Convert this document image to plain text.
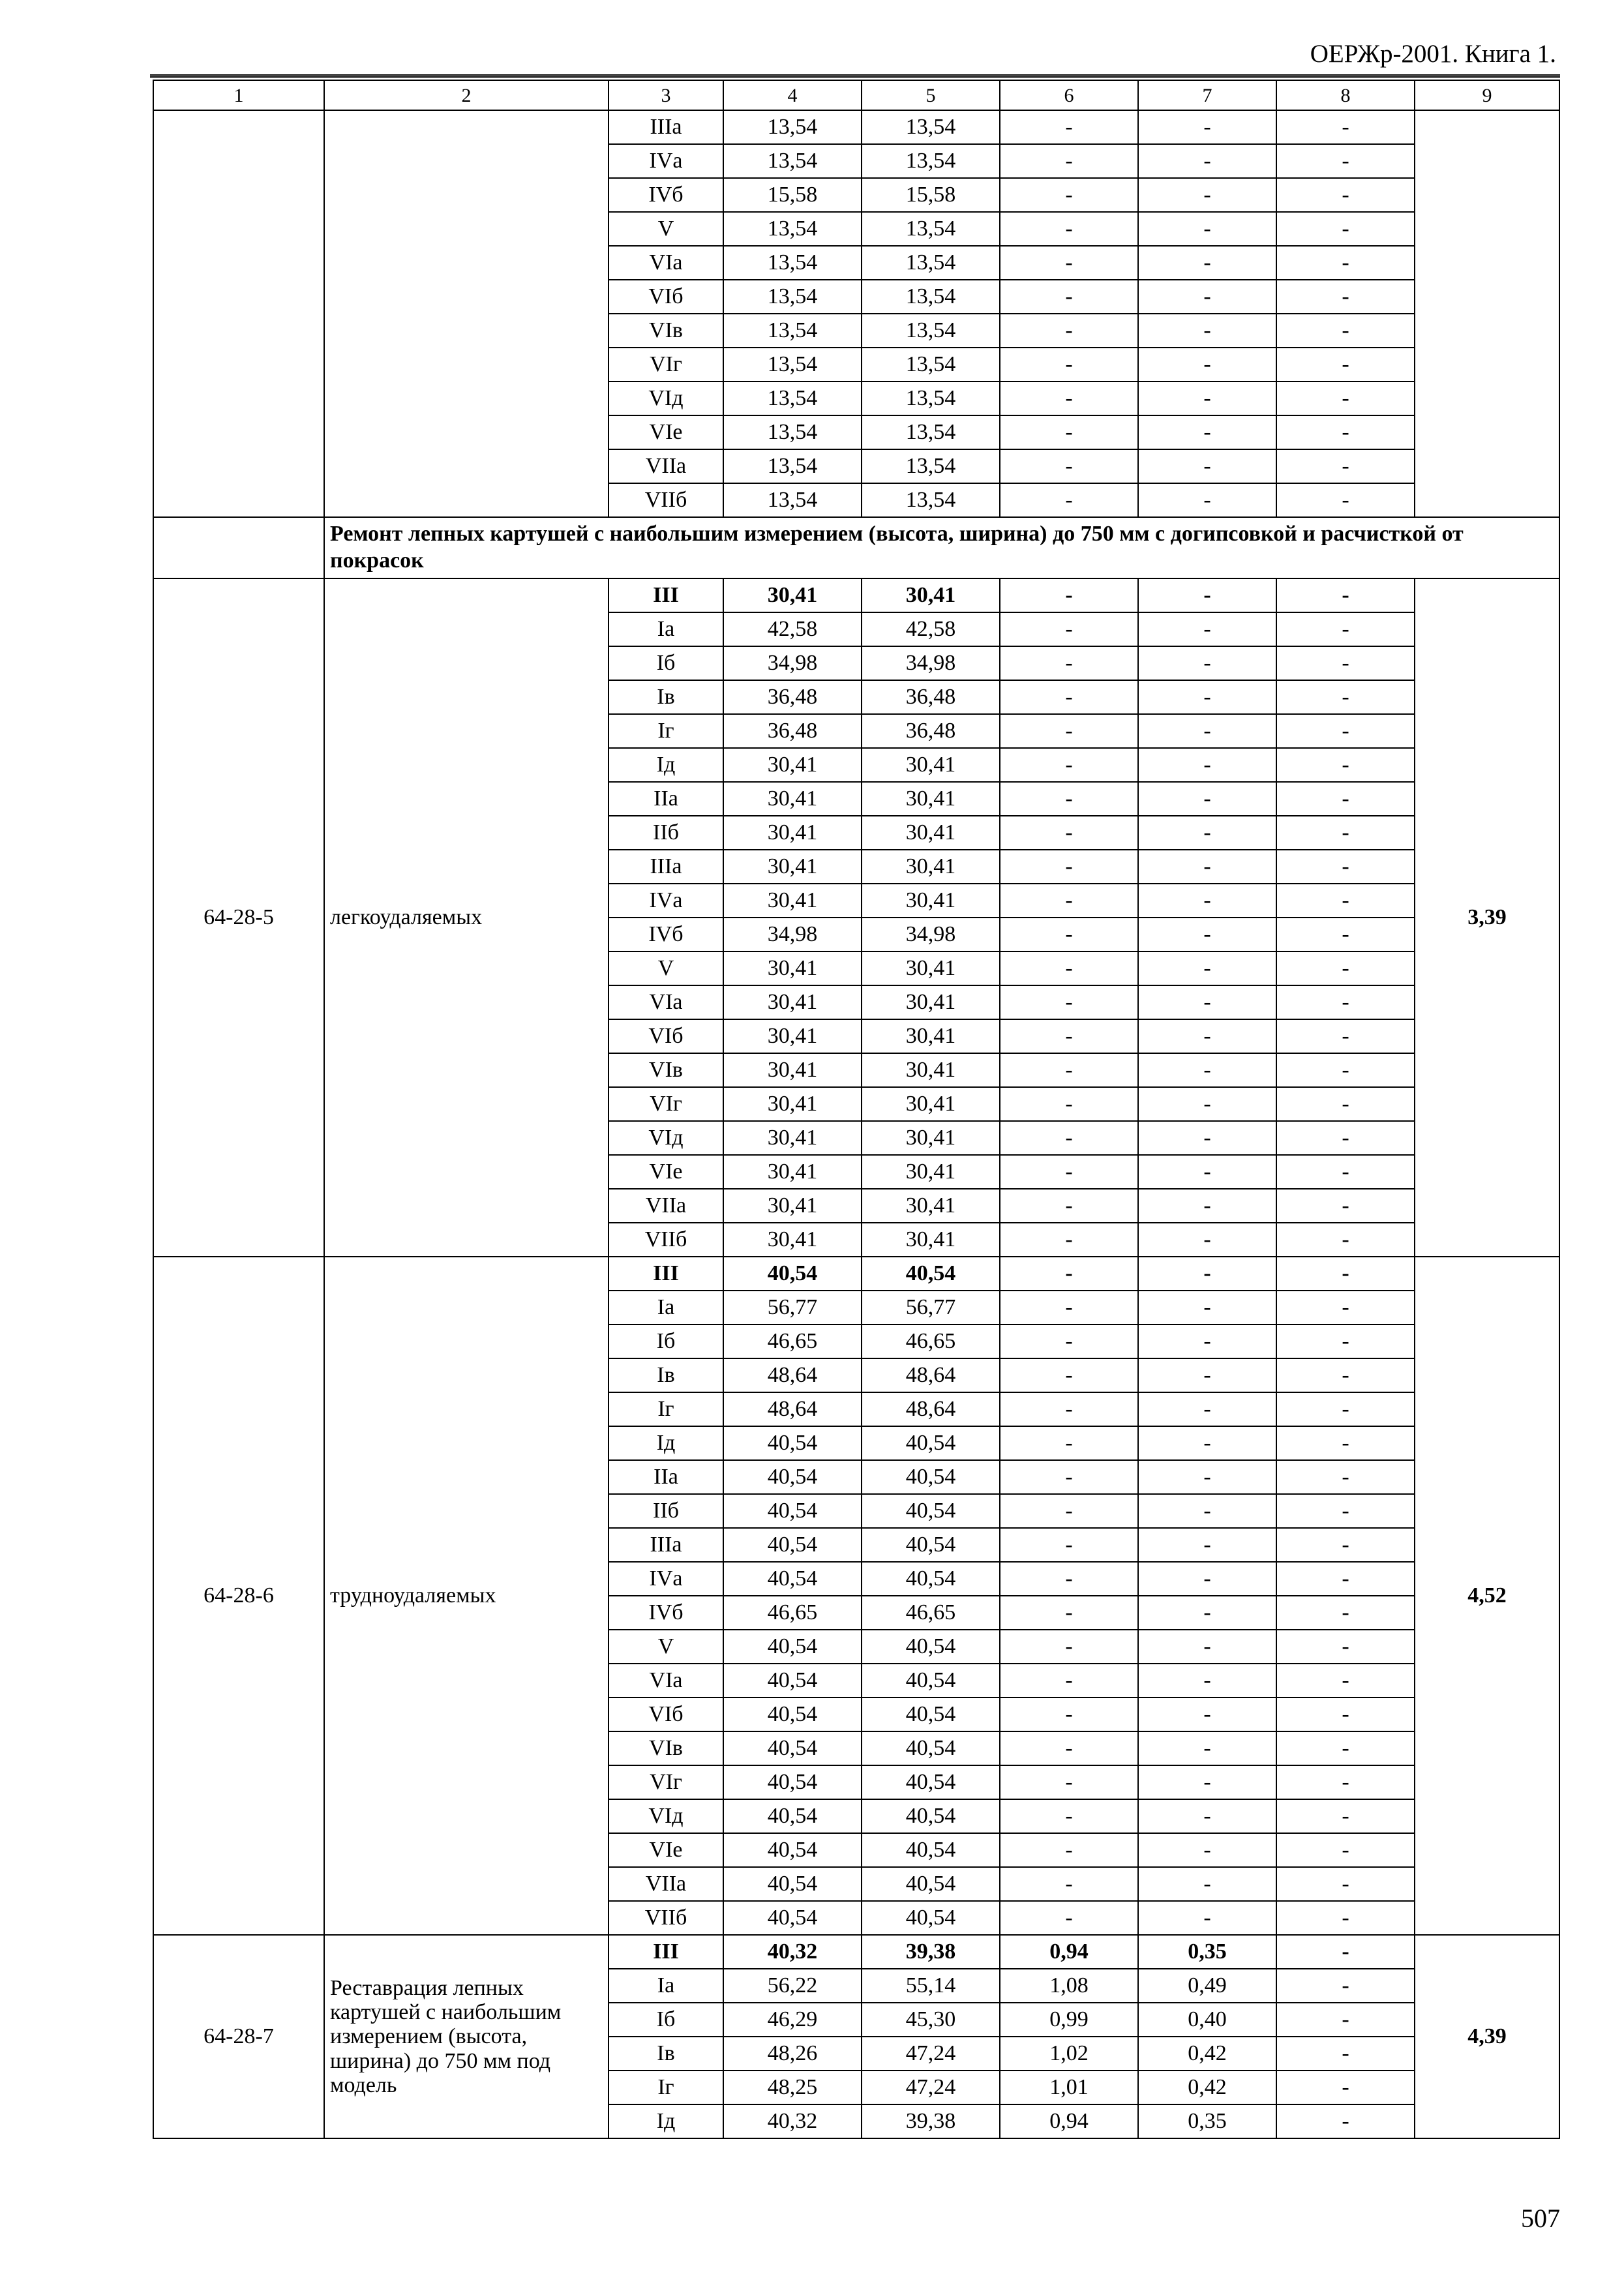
ОЕРЖр-2001. Книга 1.
1	2	3	4	5	6	7	8	9
		IIIа	13,54	13,54	-	-	-	
		IVа	13,54	13,54	-	-	-	
		IVб	15,58	15,58	-	-	-	
		V	13,54	13,54	-	-	-	
		VIа	13,54	13,54	-	-	-	
		VIб	13,54	13,54	-	-	-	
		VIв	13,54	13,54	-	-	-	
		VIг	13,54	13,54	-	-	-	
		VIд	13,54	13,54	-	-	-	
		VIе	13,54	13,54	-	-	-	
		VIIа	13,54	13,54	-	-	-	
		VIIб	13,54	13,54	-	-	-	
	Ремонт лепных картушей с наибольшим измерением (высота, ширина) до 750 мм с догипсовкой и расчисткой от покрасок							
64-28-5	легкоудаляемых	III	30,41	30,41	-	-	-	3,39
		Iа	42,58	42,58	-	-	-	
		Iб	34,98	34,98	-	-	-	
		Iв	36,48	36,48	-	-	-	
		Iг	36,48	36,48	-	-	-	
		Iд	30,41	30,41	-	-	-	
		IIа	30,41	30,41	-	-	-	
		IIб	30,41	30,41	-	-	-	
		IIIа	30,41	30,41	-	-	-	
		IVа	30,41	30,41	-	-	-	
		IVб	34,98	34,98	-	-	-	
		V	30,41	30,41	-	-	-	
		VIа	30,41	30,41	-	-	-	
		VIб	30,41	30,41	-	-	-	
		VIв	30,41	30,41	-	-	-	
		VIг	30,41	30,41	-	-	-	
		VIд	30,41	30,41	-	-	-	
		VIе	30,41	30,41	-	-	-	
		VIIа	30,41	30,41	-	-	-	
		VIIб	30,41	30,41	-	-	-	
64-28-6	трудноудаляемых	III	40,54	40,54	-	-	-	4,52
		Iа	56,77	56,77	-	-	-	
		Iб	46,65	46,65	-	-	-	
		Iв	48,64	48,64	-	-	-	
		Iг	48,64	48,64	-	-	-	
		Iд	40,54	40,54	-	-	-	
		IIа	40,54	40,54	-	-	-	
		IIб	40,54	40,54	-	-	-	
		IIIа	40,54	40,54	-	-	-	
		IVа	40,54	40,54	-	-	-	
		IVб	46,65	46,65	-	-	-	
		V	40,54	40,54	-	-	-	
		VIа	40,54	40,54	-	-	-	
		VIб	40,54	40,54	-	-	-	
		VIв	40,54	40,54	-	-	-	
		VIг	40,54	40,54	-	-	-	
		VIд	40,54	40,54	-	-	-	
		VIе	40,54	40,54	-	-	-	
		VIIа	40,54	40,54	-	-	-	
		VIIб	40,54	40,54	-	-	-	
64-28-7	Реставрация лепных картушей с наибольшим измерением (высота, ширина) до 750 мм под модель	III	40,32	39,38	0,94	0,35	-	4,39
		Iа	56,22	55,14	1,08	0,49	-	
		Iб	46,29	45,30	0,99	0,40	-	
		Iв	48,26	47,24	1,02	0,42	-	
		Iг	48,25	47,24	1,01	0,42	-	
		Iд	40,32	39,38	0,94	0,35	-	
507
